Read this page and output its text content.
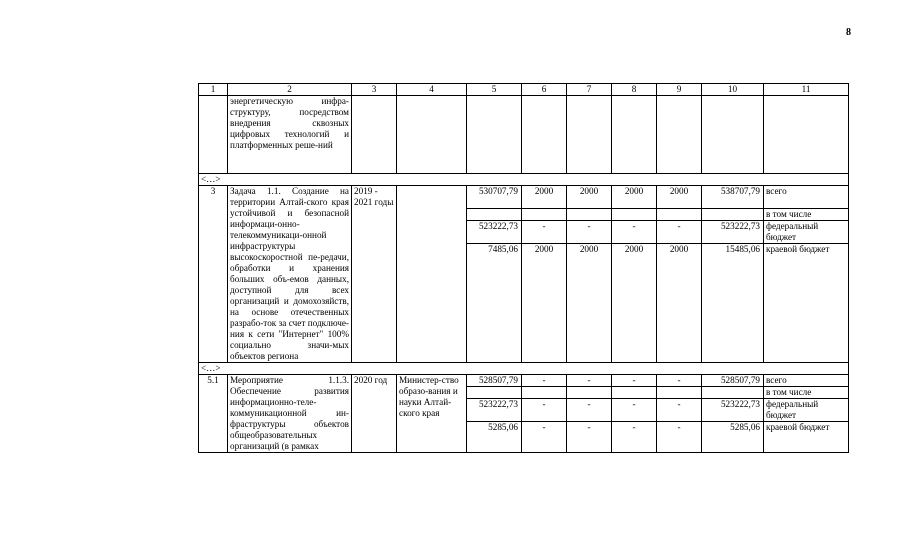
8
1	2	3	4	5	6	7	8	9	10	11
	энергетическую инфра-структуру, посредством внедрения сквозных цифровых технологий и платформенных реше-ний									
<…>										
3	Задача 1.1. Создание на территории Алтай-ского края устойчивой и безопасной информаци-онно-телекоммуникаци-онной инфраструктуры высокоскоростной пе-редачи, обработки и хранения больших объ-емов данных, доступной для всех организаций и домохозяйств, на основе отечественных разрабо-ток за счет подключе-ния к сети "Интернет" 100% социально значи-мых объектов региона	2019 - 2021 годы		530707,79	2000	2000	2000	2000	538707,79	всего
										в том числе
				523222,73	-	-	-	-	523222,73	федеральный бюджет
				7485,06	2000	2000	2000	2000	15485,06	краевой бюджет
<…>										
5.1	Мероприятие 1.1.3. Обеспечение развития информационно-теле-коммуникационной ин-фраструктуры объектов общеобразовательных организаций (в рамках	2020 год	Министер-ство образо-вания и науки Алтай-ского края	528507,79	-	-	-	-	528507,79	всего
										в том числе
				523222,73	-	-	-	-	523222,73	федеральный бюджет
				5285,06	-	-	-	-	5285,06	краевой бюджет
